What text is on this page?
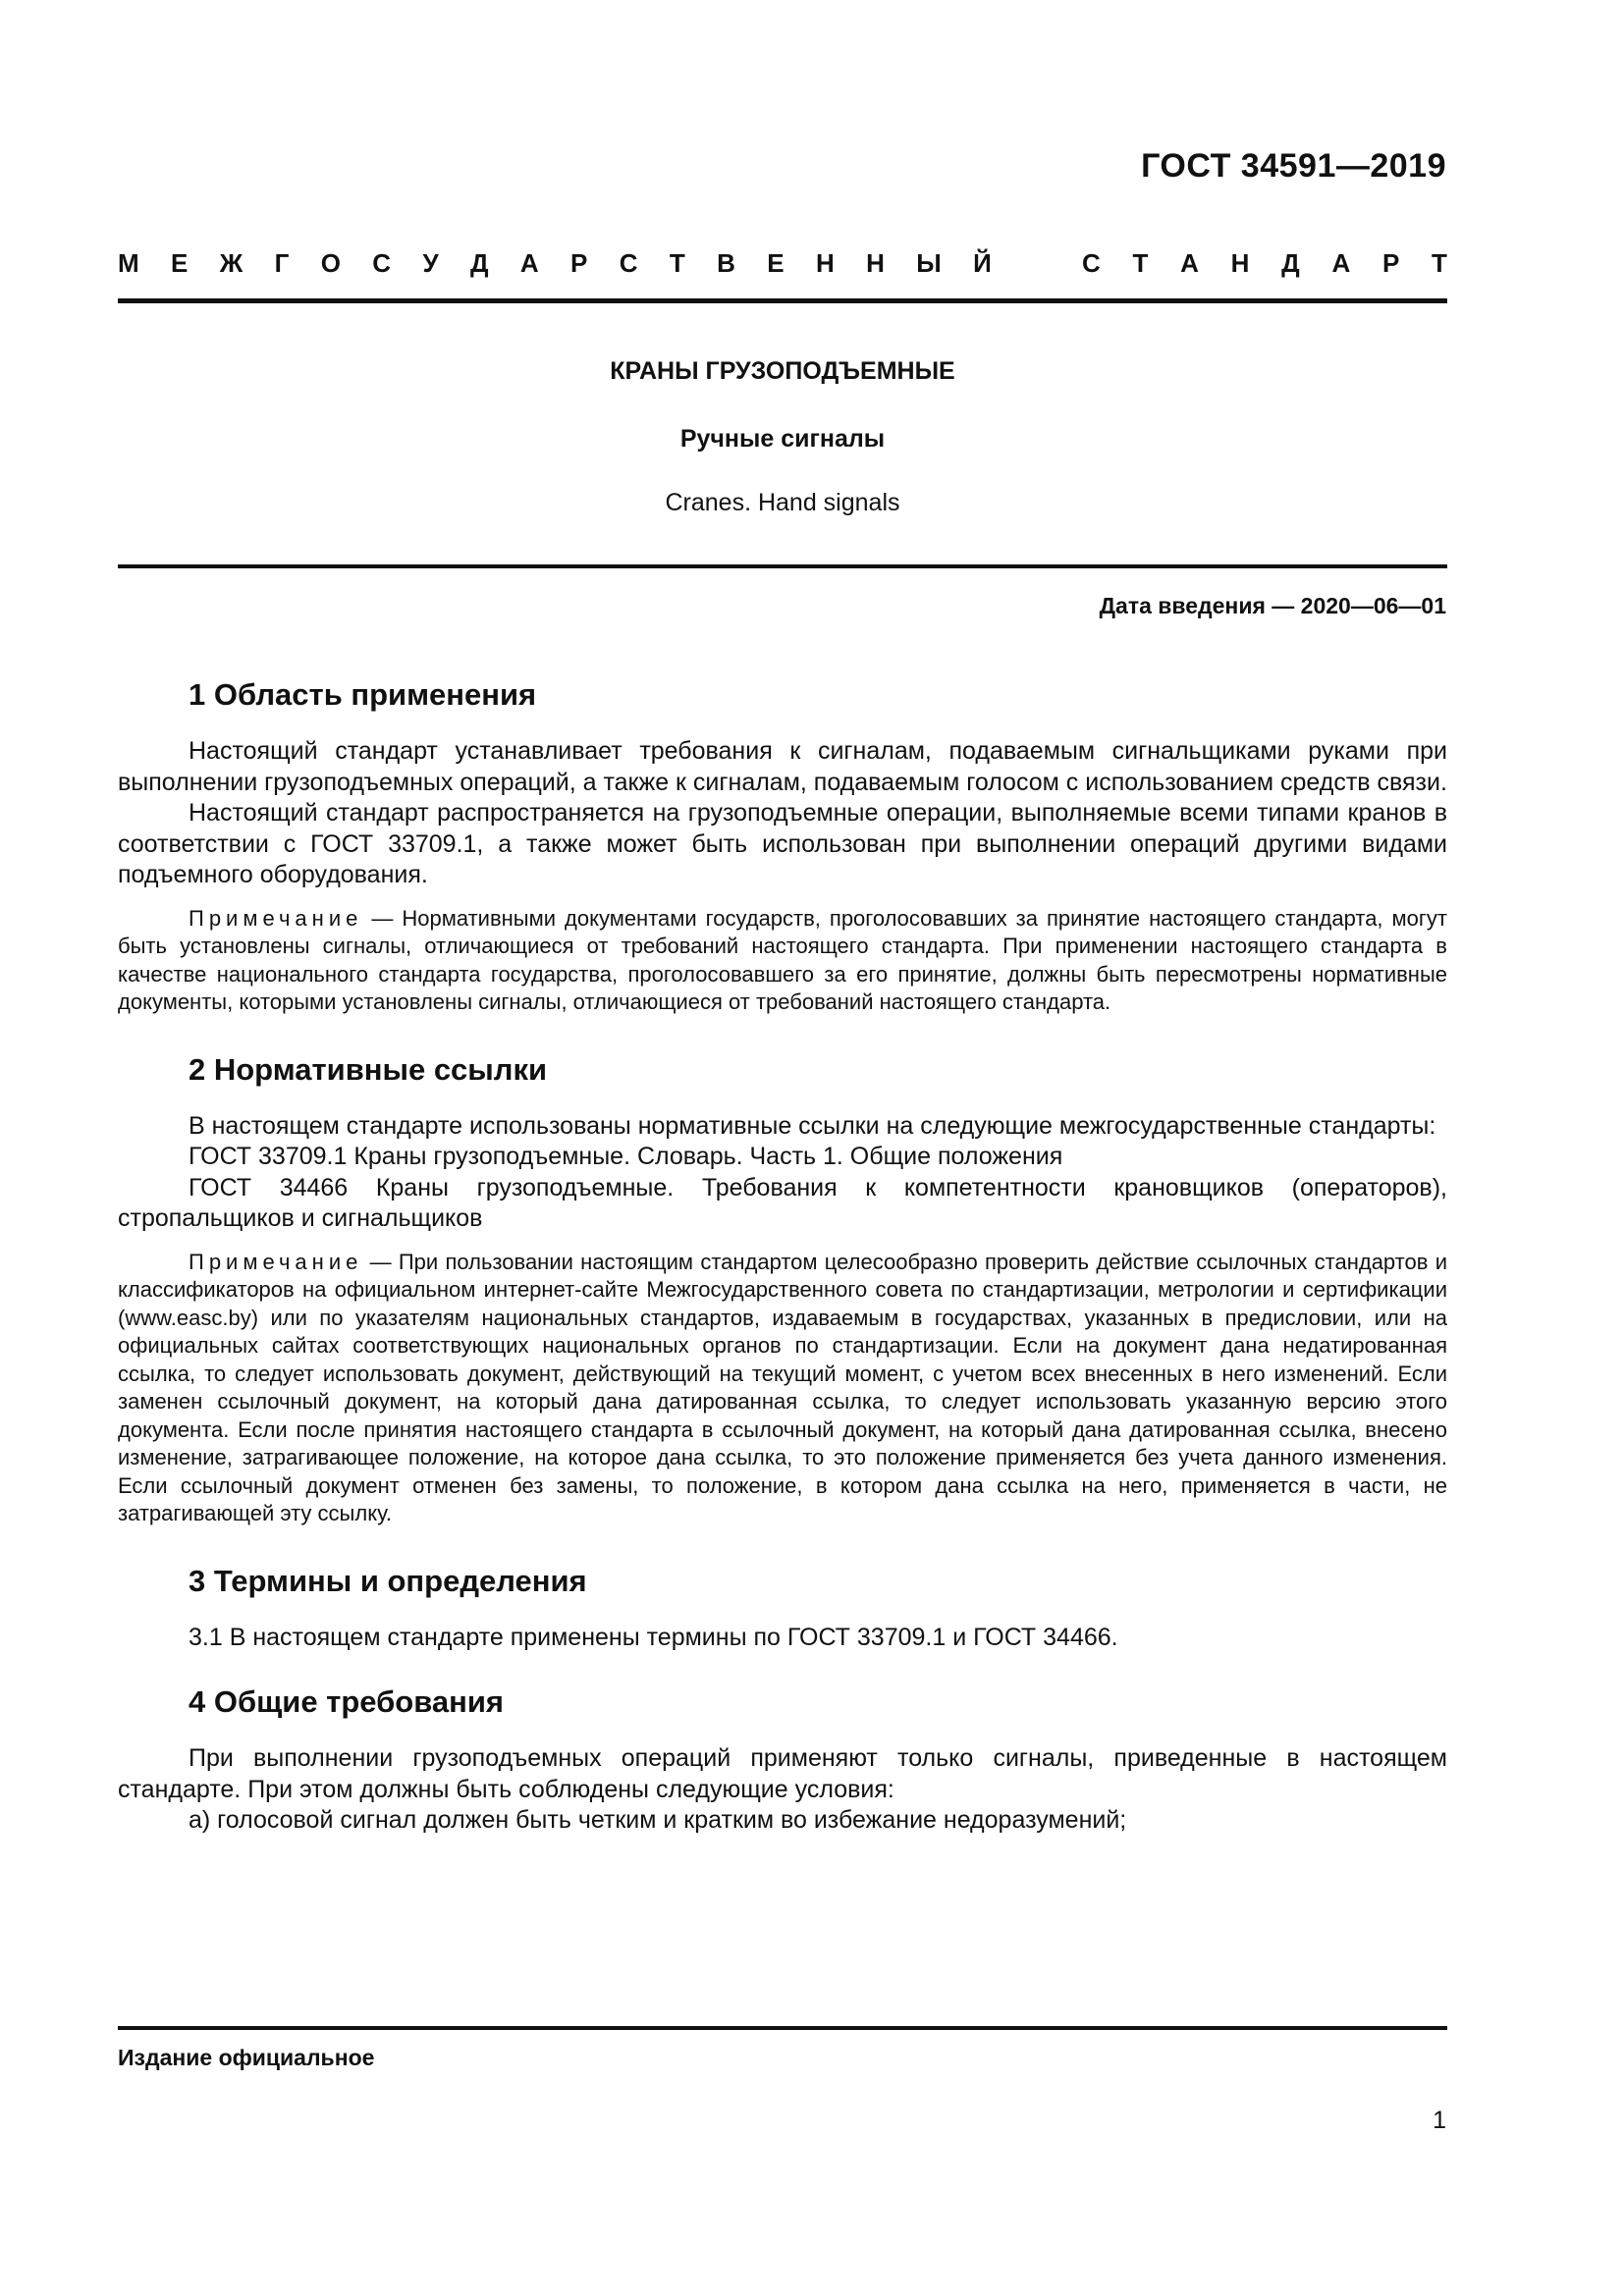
ГОСТ 34591—2019
М Е Ж Г О С У Д А Р С Т В Е Н Н Ы Й	С Т А Н Д А Р Т
КРАНЫ ГРУЗОПОДЪЕМНЫЕ
Ручные сигналы
Cranes. Hand signals
Дата введения — 2020—06—01
1 Область применения

Настоящий стандарт устанавливает требования к сигналам, подаваемым сигнальщиками руками при выполнении грузоподъемных операций, а также к сигналам, подаваемым голосом с использованием средств связи.

Настоящий стандарт распространяется на грузоподъемные операции, выполняемые всеми типами кранов в соответствии с ГОСТ 33709.1, а также может быть использован при выполнении операций другими видами подъемного оборудования.

Примечание — Нормативными документами государств, проголосовавших за принятие настоящего стандарта, могут быть установлены сигналы, отличающиеся от требований настоящего стандарта. При применении настоящего стандарта в качестве национального стандарта государства, проголосовавшего за его принятие, должны быть пересмотрены нормативные документы, которыми установлены сигналы, отличающиеся от требований настоящего стандарта.

2 Нормативные ссылки

В настоящем стандарте использованы нормативные ссылки на следующие межгосударственные стандарты:

ГОСТ 33709.1 Краны грузоподъемные. Словарь. Часть 1. Общие положения

ГОСТ 34466 Краны грузоподъемные. Требования к компетентности крановщиков (операторов), стропальщиков и сигнальщиков

Примечание — При пользовании настоящим стандартом целесообразно проверить действие ссылочных стандартов и классификаторов на официальном интернет-сайте Межгосударственного совета по стандартизации, метрологии и сертификации (www.easc.by) или по указателям национальных стандартов, издаваемым в государствах, указанных в предисловии, или на официальных сайтах соответствующих национальных органов по стандартизации. Если на документ дана недатированная ссылка, то следует использовать документ, действующий на текущий момент, с учетом всех внесенных в него изменений. Если заменен ссылочный документ, на который дана датированная ссылка, то следует использовать указанную версию этого документа. Если после принятия настоящего стандарта в ссылочный документ, на который дана датированная ссылка, внесено изменение, затрагивающее положение, на которое дана ссылка, то это положение применяется без учета данного изменения. Если ссылочный документ отменен без замены, то положение, в котором дана ссылка на него, применяется в части, не затрагивающей эту ссылку.

3 Термины и определения

3.1 В настоящем стандарте применены термины по ГОСТ 33709.1 и ГОСТ 34466.

4 Общие требования

При выполнении грузоподъемных операций применяют только сигналы, приведенные в настоящем стандарте. При этом должны быть соблюдены следующие условия:

а) голосовой сигнал должен быть четким и кратким во избежание недоразумений;

Издание официальное
1
